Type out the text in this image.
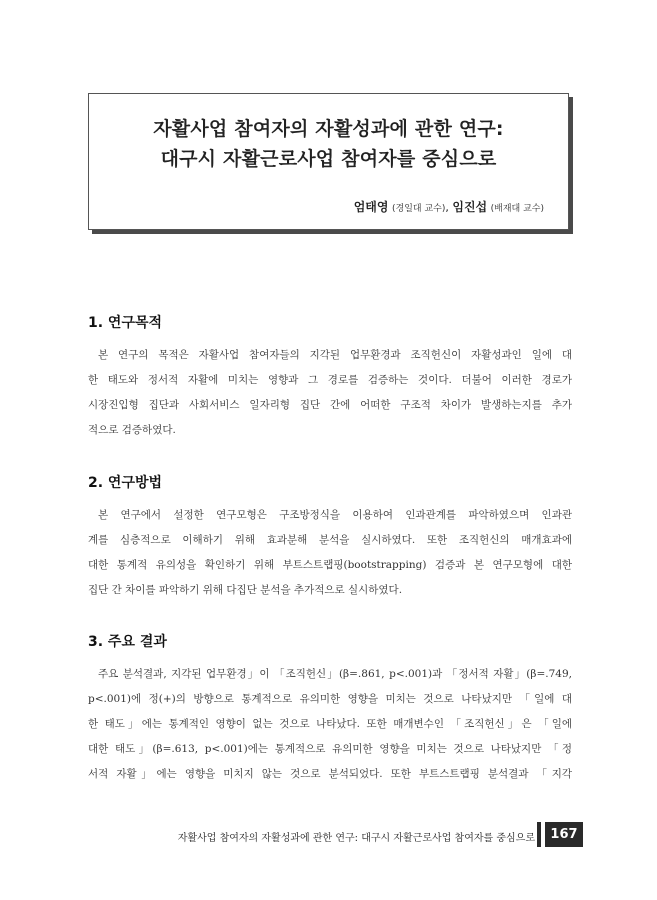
자활사업 참여자의 자활성과에 관한 연구:
대구시 자활근로사업 참여자를 중심으로
엄태영 (경일대 교수), 임진섭 (배재대 교수)
1. 연구목적
본 연구의 목적은 자활사업 참여자들의 지각된 업무환경과 조직헌신이 자활성과인 일에 대
한 태도와 정서적 자활에 미치는 영향과 그 경로를 검증하는 것이다. 더불어 이러한 경로가
시장진입형 집단과 사회서비스 일자리형 집단 간에 어떠한 구조적 차이가 발생하는지를 추가
적으로 검증하였다.
2. 연구방법
본 연구에서 설정한 연구모형은 구조방정식을 이용하여 인과관계를 파악하였으며 인과관
계를 심층적으로 이해하기 위해 효과분해 분석을 실시하였다. 또한 조직헌신의 매개효과에
대한 통계적 유의성을 확인하기 위해 부트스트랩핑(bootstrapping) 검증과 본 연구모형에 대한
집단 간 차이를 파악하기 위해 다집단 분석을 추가적으로 실시하였다.
3. 주요 결과
주요 분석결과, 지각된 업무환경」이 「조직헌신」(β=.861, p<.001)과 「정서적 자활」(β=.749,
p<.001)에 정(+)의 방향으로 통계적으로 유의미한 영향을 미치는 것으로 나타났지만 「일에 대
한 태도」에는 통계적인 영향이 없는 것으로 나타났다. 또한 매개변수인 「조직헌신」은 「일에
대한 태도」(β=.613, p<.001)에는 통계적으로 유의미한 영향을 미치는 것으로 나타났지만 「정
서적 자활」에는 영향을 미치지 않는 것으로 분석되었다. 또한 부트스트랩핑 분석결과 「지각
자활사업 참여자의 자활성과에 관한 연구: 대구시 자활근로사업 참여자를 중심으로	167
